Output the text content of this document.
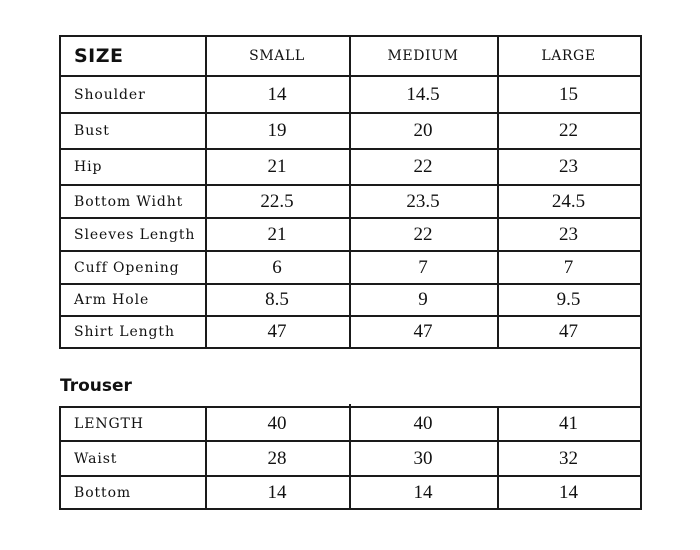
SIZE	SMALL	MEDIUM	LARGE
Shoulder	14	14.5	15
Bust	19	20	22
Hip	21	22	23
Bottom Widht	22.5	23.5	24.5
Sleeves Length	21	22	23
Cuff Opening	6	7	7
Arm Hole	8.5	9	9.5
Shirt Length	47	47	47
Trouser
LENGTH	40	40	41
Waist	28	30	32
Bottom	14	14	14
